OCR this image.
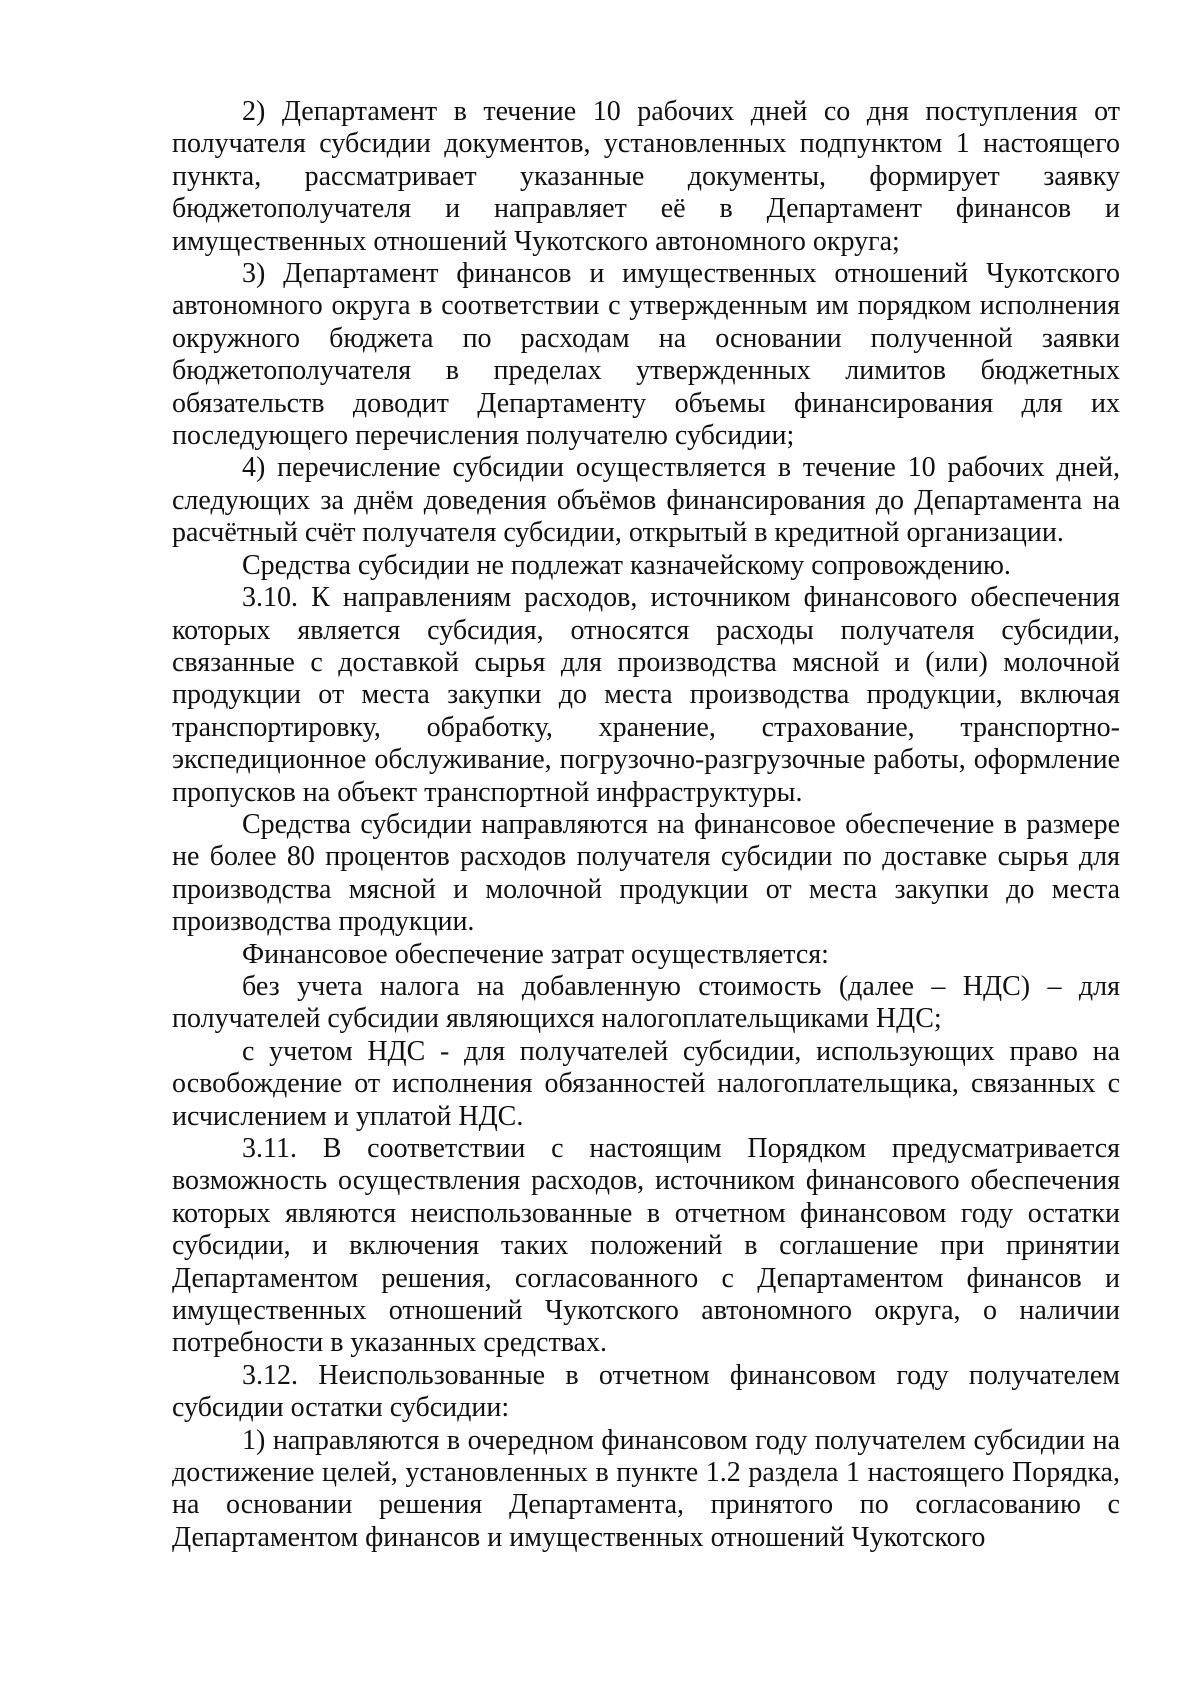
2) Департамент в течение 10 рабочих дней со дня поступления от получателя субсидии документов, установленных подпунктом 1 настоящего пункта, рассматривает указанные документы, формирует заявку бюджетополучателя и направляет её в Департамент финансов и имущественных отношений Чукотского автономного округа;

3) Департамент финансов и имущественных отношений Чукотского автономного округа в соответствии с утвержденным им порядком исполнения окружного бюджета по расходам на основании полученной заявки бюджетополучателя в пределах утвержденных лимитов бюджетных обязательств доводит Департаменту объемы финансирования для их последующего перечисления получателю субсидии;

4) перечисление субсидии осуществляется в течение 10 рабочих дней, следующих за днём доведения объёмов финансирования до Департамента на расчётный счёт получателя субсидии, открытый в кредитной организации.

Средства субсидии не подлежат казначейскому сопровождению.

3.10. К направлениям расходов, источником финансового обеспечения которых является субсидия, относятся расходы получателя субсидии, связанные с доставкой сырья для производства мясной и (или) молочной продукции от места закупки до места производства продукции, включая транспортировку, обработку, хранение, страхование, транспортно-экспедиционное обслуживание, погрузочно-разгрузочные работы, оформление пропусков на объект транспортной инфраструктуры.

Средства субсидии направляются на финансовое обеспечение в размере не более 80 процентов расходов получателя субсидии по доставке сырья для производства мясной и молочной продукции от места закупки до места производства продукции.

Финансовое обеспечение затрат осуществляется:

без учета налога на добавленную стоимость (далее – НДС) – для получателей субсидии являющихся налогоплательщиками НДС;

с учетом НДС - для получателей субсидии, использующих право на освобождение от исполнения обязанностей налогоплательщика, связанных с исчислением и уплатой НДС.

3.11. В соответствии с настоящим Порядком предусматривается возможность осуществления расходов, источником финансового обеспечения которых являются неиспользованные в отчетном финансовом году остатки субсидии, и включения таких положений в соглашение при принятии Департаментом решения, согласованного с Департаментом финансов и имущественных отношений Чукотского автономного округа, о наличии потребности в указанных средствах.

3.12. Неиспользованные в отчетном финансовом году получателем субсидии остатки субсидии:

1) направляются в очередном финансовом году получателем субсидии на достижение целей, установленных в пункте 1.2 раздела 1 настоящего Порядка, на основании решения Департамента, принятого по согласованию с Департаментом финансов и имущественных отношений Чукотского
